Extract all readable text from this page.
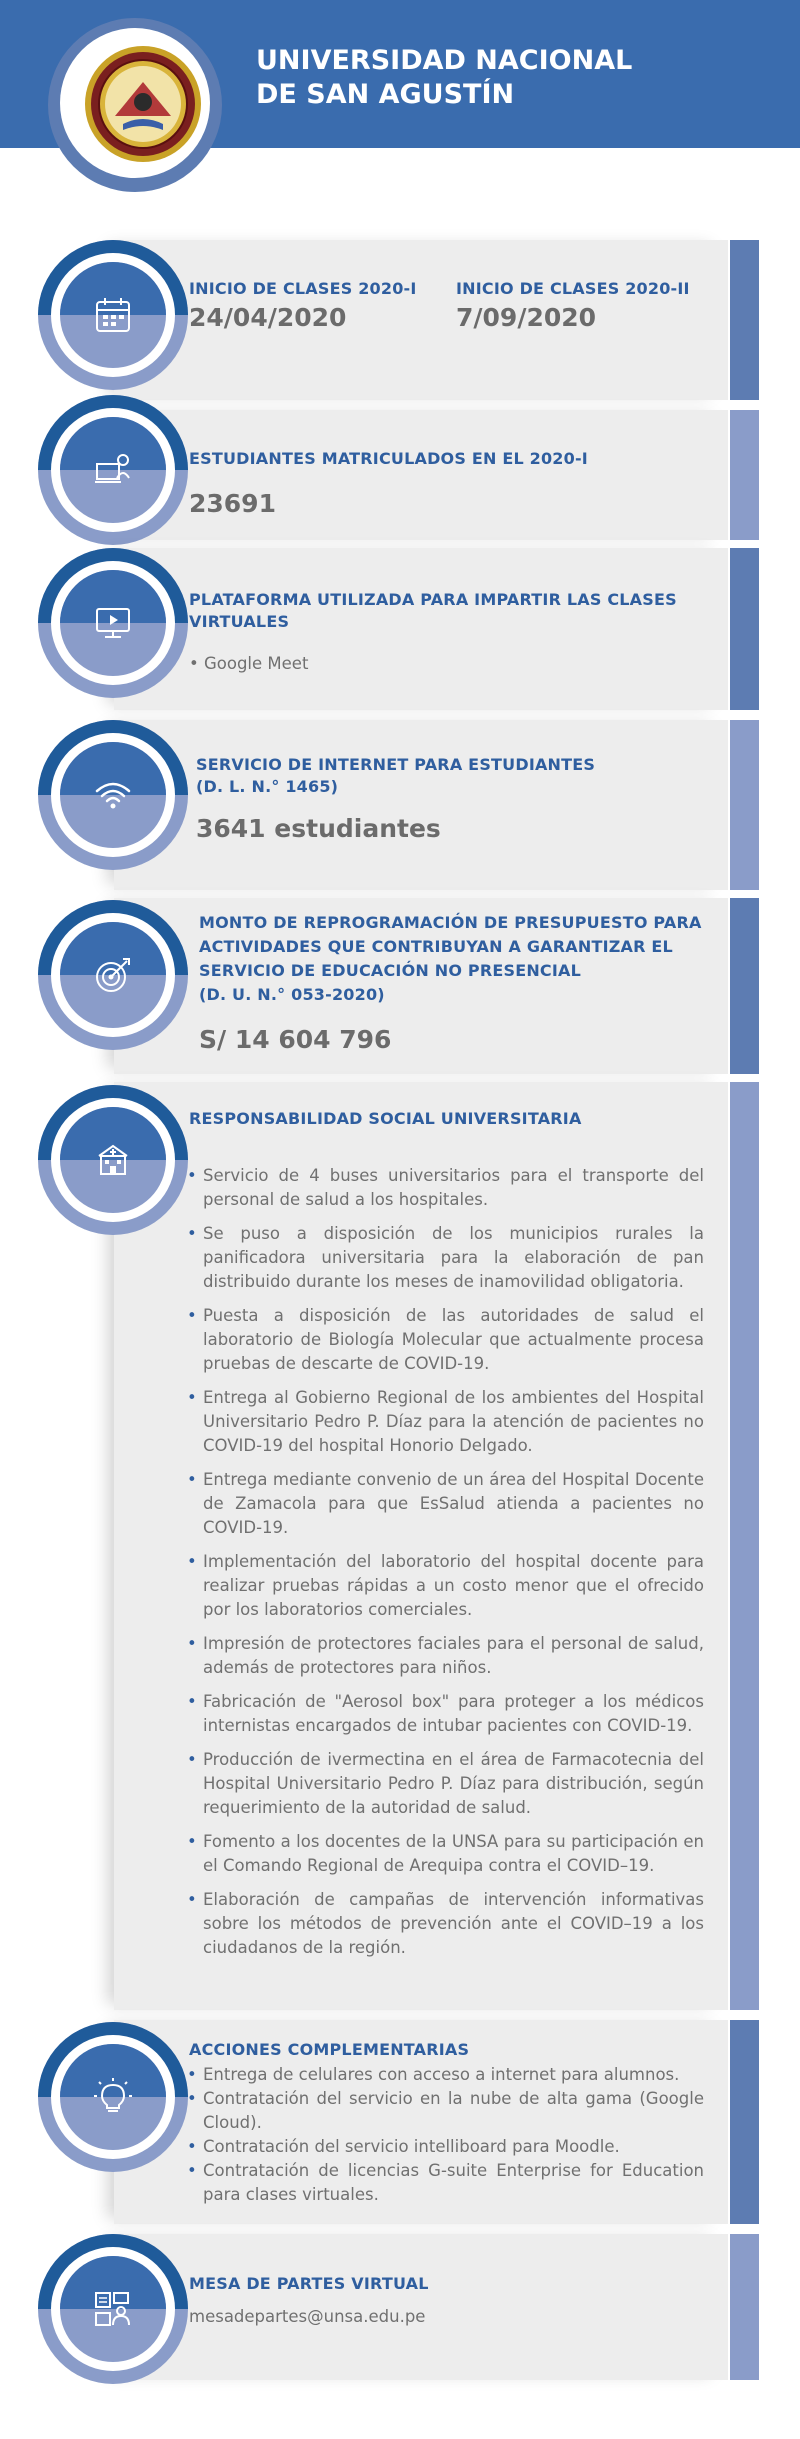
UNIVERSIDAD NACIONAL
DE SAN AGUSTÍN
INICIO DE CLASES 2020-I
24/04/2020
INICIO DE CLASES 2020-II
7/09/2020
ESTUDIANTES MATRICULADOS EN EL 2020-I
23691
PLATAFORMA UTILIZADA PARA IMPARTIR LAS CLASES
VIRTUALES
• Google Meet
SERVICIO DE INTERNET PARA ESTUDIANTES
(D. L. N.° 1465)
3641 estudiantes
MONTO DE REPROGRAMACIÓN DE PRESUPUESTO PARA
ACTIVIDADES QUE CONTRIBUYAN A GARANTIZAR EL
SERVICIO DE EDUCACIÓN NO PRESENCIAL
(D. U. N.° 053-2020)
S/ 14 604 796
RESPONSABILIDAD SOCIAL UNIVERSITARIA
• Servicio de 4 buses universitarios para el transporte del personal de salud a los hospitales.
• Se puso a disposición de los municipios rurales la panificadora universitaria para la elaboración de pan distribuido durante los meses de inamovilidad obligatoria.
• Puesta a disposición de las autoridades de salud el laboratorio de Biología Molecular que actualmente procesa pruebas de descarte de COVID-19.
• Entrega al Gobierno Regional de los ambientes del Hospital Universitario Pedro P. Díaz para la atención de pacientes no COVID-19 del hospital Honorio Delgado.
• Entrega mediante convenio de un área del Hospital Docente de Zamacola para que EsSalud atienda a pacientes no COVID-19.
• Implementación del laboratorio del hospital docente para realizar pruebas rápidas a un costo menor que el ofrecido por los laboratorios comerciales.
• Impresión de protectores faciales para el personal de salud, además de protectores para niños.
• Fabricación de "Aerosol box" para proteger a los médicos internistas encargados de intubar pacientes con COVID-19.
• Producción de ivermectina en el área de Farmacotecnia del Hospital Universitario Pedro P. Díaz para distribución, según requerimiento de la autoridad de salud.
• Fomento a los docentes de la UNSA para su participación en el Comando Regional de Arequipa contra el COVID–19.
• Elaboración de campañas de intervención informativas sobre los métodos de prevención ante el COVID–19 a los ciudadanos de la región.
ACCIONES COMPLEMENTARIAS
• Entrega de celulares con acceso a internet para alumnos.
• Contratación del servicio en la nube de alta gama (Google Cloud).
• Contratación del servicio intelliboard para Moodle.
• Contratación de licencias G-suite Enterprise for Education para clases virtuales.
MESA DE PARTES VIRTUAL
mesadepartes@unsa.edu.pe
